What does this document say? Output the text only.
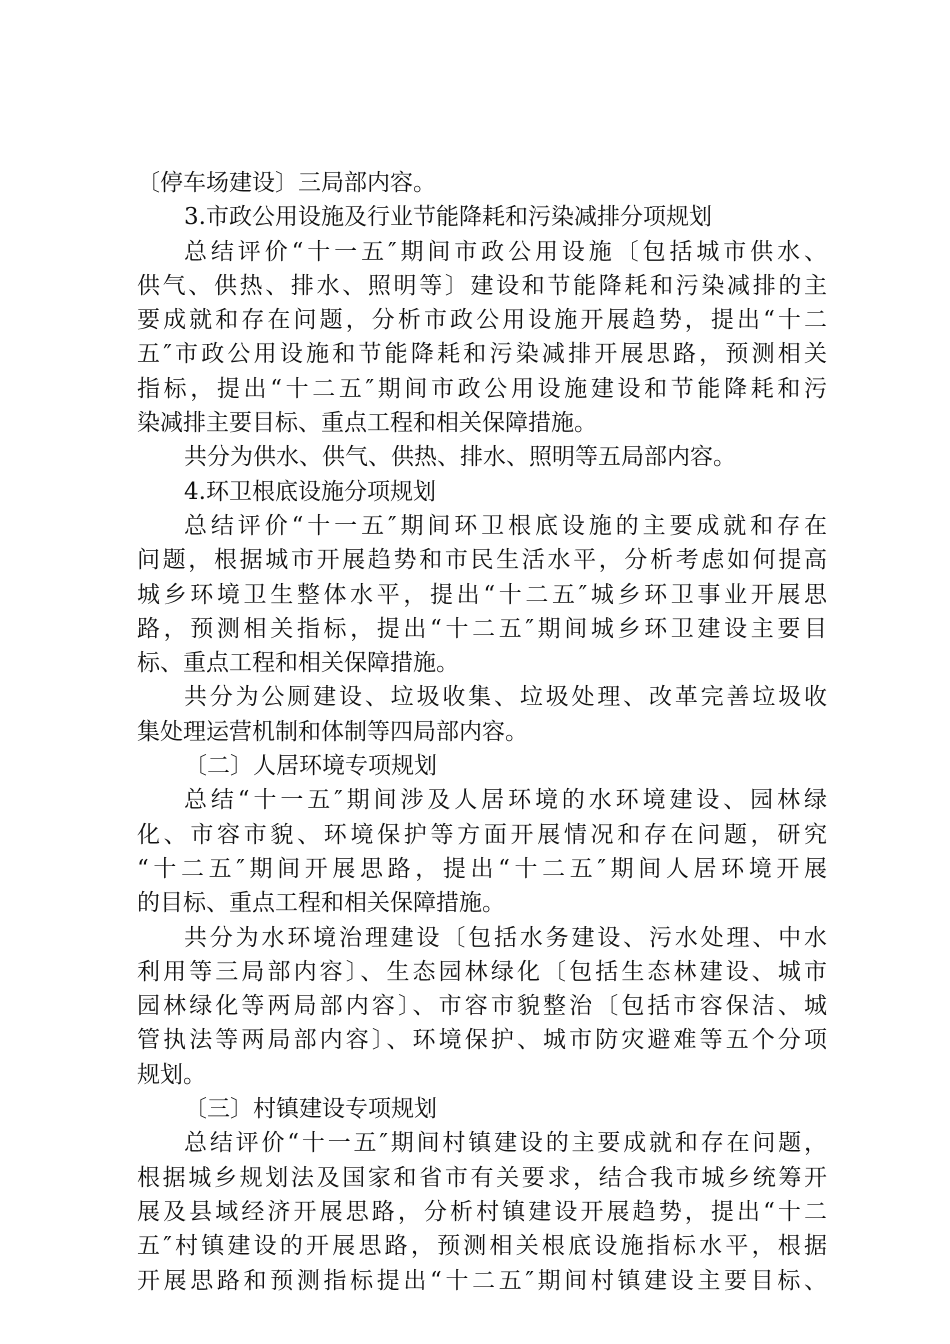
〔停车场建设〕三局部内容。
3.市政公用设施及行业节能降耗和污染减排分项规划
总结评价“十一五″期间市政公用设施〔包括城市供水、
供气、供热、排水、照明等〕建设和节能降耗和污染减排的主
要成就和存在问题，分析市政公用设施开展趋势，提出“十二
五″市政公用设施和节能降耗和污染减排开展思路，预测相关
指标，提出“十二五″期间市政公用设施建设和节能降耗和污
染减排主要目标、重点工程和相关保障措施。
共分为供水、供气、供热、排水、照明等五局部内容。
4.环卫根底设施分项规划
总结评价“十一五″期间环卫根底设施的主要成就和存在
问题，根据城市开展趋势和市民生活水平，分析考虑如何提高
城乡环境卫生整体水平，提出“十二五″城乡环卫事业开展思
路，预测相关指标，提出“十二五″期间城乡环卫建设主要目
标、重点工程和相关保障措施。
共分为公厕建设、垃圾收集、垃圾处理、改革完善垃圾收
集处理运营机制和体制等四局部内容。
〔二〕人居环境专项规划
总结“十一五″期间涉及人居环境的水环境建设、园林绿
化、市容市貌、环境保护等方面开展情况和存在问题，研究
“十二五″期间开展思路，提出“十二五″期间人居环境开展
的目标、重点工程和相关保障措施。
共分为水环境治理建设〔包括水务建设、污水处理、中水
利用等三局部内容〕、生态园林绿化〔包括生态林建设、城市
园林绿化等两局部内容〕、市容市貌整治〔包括市容保洁、城
管执法等两局部内容〕、环境保护、城市防灾避难等五个分项
规划。
〔三〕村镇建设专项规划
总结评价“十一五″期间村镇建设的主要成就和存在问题，
根据城乡规划法及国家和省市有关要求，结合我市城乡统筹开
展及县域经济开展思路，分析村镇建设开展趋势，提出“十二
五″村镇建设的开展思路，预测相关根底设施指标水平，根据
开展思路和预测指标提出“十二五″期间村镇建设主要目标、
